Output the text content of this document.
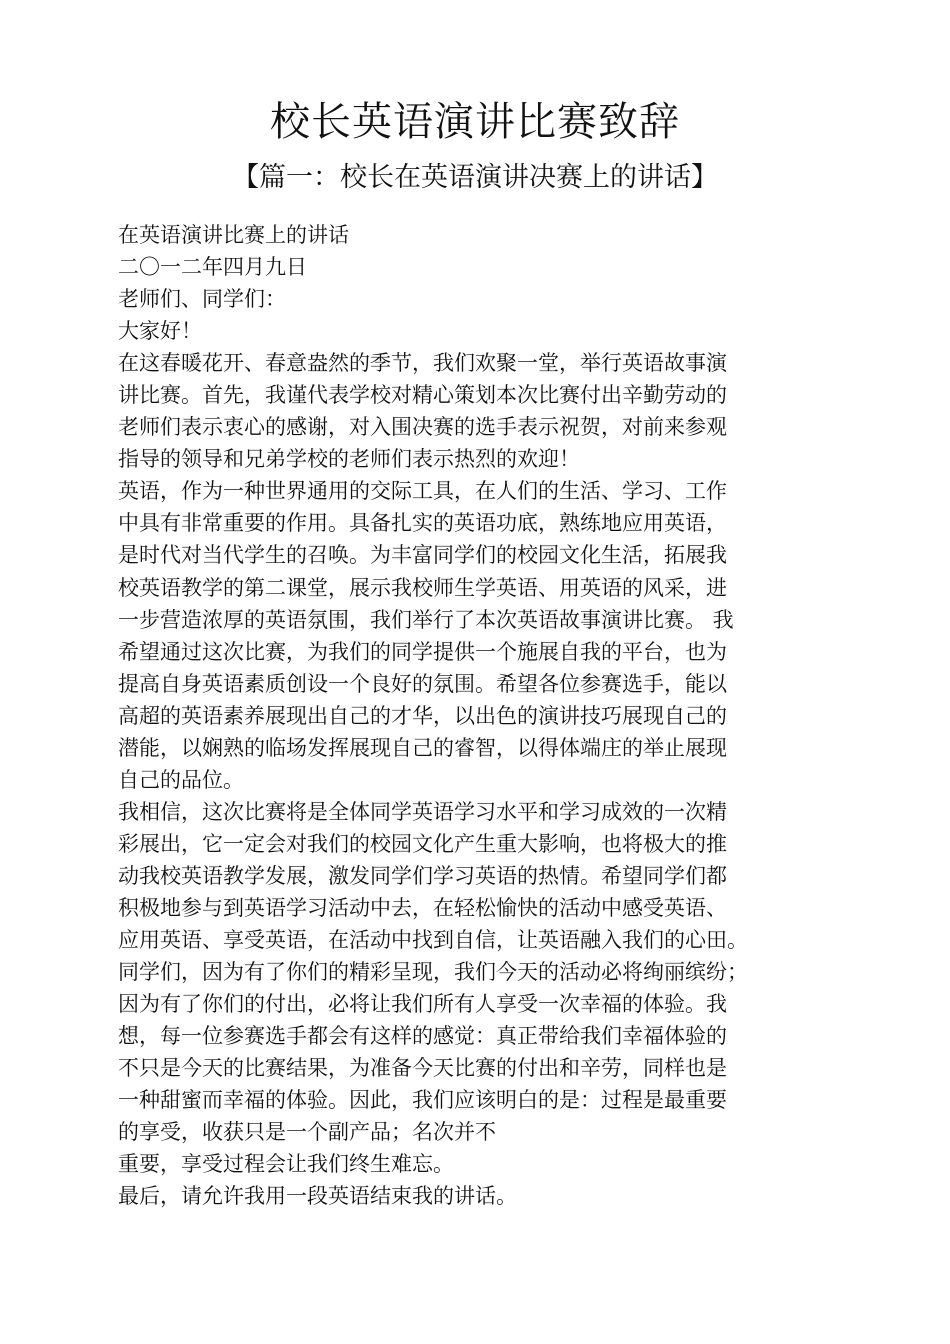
校长英语演讲比赛致辞
【篇一：校长在英语演讲决赛上的讲话】
在英语演讲比赛上的讲话
二〇一二年四月九日
老师们、同学们：
大家好！
在这春暖花开、春意盎然的季节，我们欢聚一堂，举行英语故事演
讲比赛。首先，我谨代表学校对精心策划本次比赛付出辛勤劳动的
老师们表示衷心的感谢，对入围决赛的选手表示祝贺，对前来参观
指导的领导和兄弟学校的老师们表示热烈的欢迎！
英语，作为一种世界通用的交际工具，在人们的生活、学习、工作
中具有非常重要的作用。具备扎实的英语功底，熟练地应用英语，
是时代对当代学生的召唤。为丰富同学们的校园文化生活，拓展我
校英语教学的第二课堂，展示我校师生学英语、用英语的风采，进
一步营造浓厚的英语氛围，我们举行了本次英语故事演讲比赛。 我
希望通过这次比赛，为我们的同学提供一个施展自我的平台，也为
提高自身英语素质创设一个良好的氛围。希望各位参赛选手，能以
高超的英语素养展现出自己的才华，以出色的演讲技巧展现自己的
潜能，以娴熟的临场发挥展现自己的睿智，以得体端庄的举止展现
自己的品位。
我相信，这次比赛将是全体同学英语学习水平和学习成效的一次精
彩展出，它一定会对我们的校园文化产生重大影响，也将极大的推
动我校英语教学发展，激发同学们学习英语的热情。希望同学们都
积极地参与到英语学习活动中去，在轻松愉快的活动中感受英语、
应用英语、享受英语，在活动中找到自信，让英语融入我们的心田。
同学们，因为有了你们的精彩呈现，我们今天的活动必将绚丽缤纷；
因为有了你们的付出，必将让我们所有人享受一次幸福的体验。我
想，每一位参赛选手都会有这样的感觉：真正带给我们幸福体验的
不只是今天的比赛结果，为准备今天比赛的付出和辛劳，同样也是
一种甜蜜而幸福的体验。因此，我们应该明白的是：过程是最重要
的享受，收获只是一个副产品；名次并不
重要，享受过程会让我们终生难忘。
最后，请允许我用一段英语结束我的讲话。
